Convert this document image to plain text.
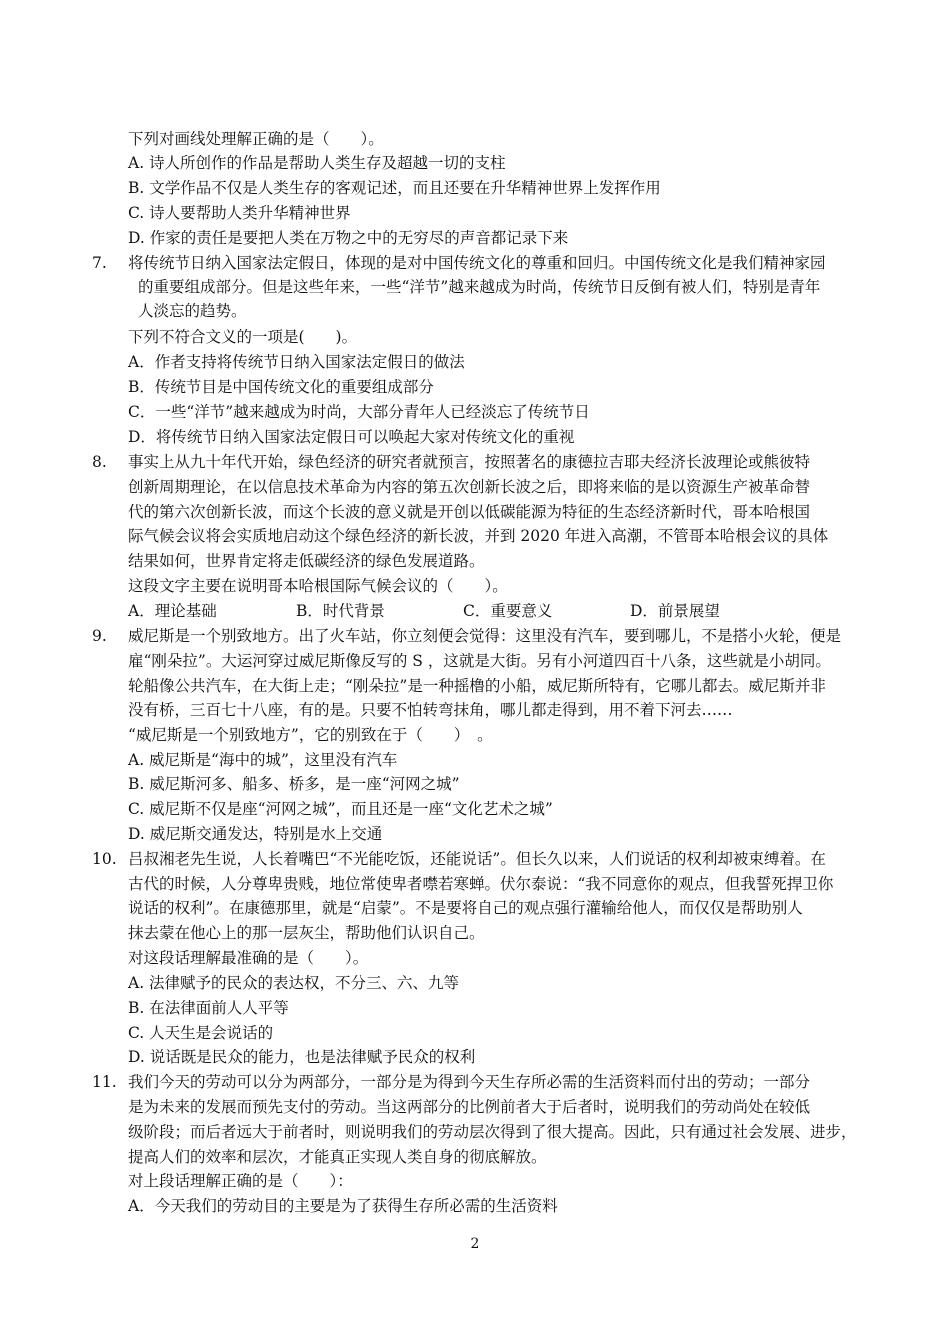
下列对画线处理解正确的是（　　）。
A. 诗人所创作的作品是帮助人类生存及超越一切的支柱
B. 文学作品不仅是人类生存的客观记述，而且还要在升华精神世界上发挥作用
C. 诗人要帮助人类升华精神世界
D. 作家的责任是要把人类在万物之中的无穷尽的声音都记录下来
7. 将传统节日纳入国家法定假日，体现的是对中国传统文化的尊重和回归。中国传统文化是我们精神家园
的重要组成部分。但是这些年来，一些“洋节”越来越成为时尚，传统节日反倒有被人们，特别是青年
人淡忘的趋势。
下列不符合文义的一项是(　　)。
A．作者支持将传统节日纳入国家法定假日的做法
B．传统节目是中国传统文化的重要组成部分
C．一些“洋节”越来越成为时尚，大部分青年人已经淡忘了传统节日
D．将传统节日纳入国家法定假日可以唤起大家对传统文化的重视
8. 事实上从九十年代开始，绿色经济的研究者就预言，按照著名的康德拉吉耶夫经济长波理论或熊彼特
创新周期理论，在以信息技术革命为内容的第五次创新长波之后，即将来临的是以资源生产被革命替
代的第六次创新长波，而这个长波的意义就是开创以低碳能源为特征的生态经济新时代，哥本哈根国
际气候会议将会实质地启动这个绿色经济的新长波，并到 2020 年进入高潮，不管哥本哈根会议的具体
结果如何，世界肯定将走低碳经济的绿色发展道路。
这段文字主要在说明哥本哈根国际气候会议的（　　）。
A．理论基础	B．时代背景	C．重要意义	D．前景展望
9. 威尼斯是一个别致地方。出了火车站，你立刻便会觉得：这里没有汽车，要到哪儿，不是搭小火轮，便是
雇“刚朵拉”。大运河穿过威尼斯像反写的 S ，这就是大街。另有小河道四百十八条，这些就是小胡同。
轮船像公共汽车，在大街上走；“刚朵拉”是一种摇橹的小船，威尼斯所特有，它哪儿都去。威尼斯并非
没有桥，三百七十八座，有的是。只要不怕转弯抹角，哪儿都走得到，用不着下河去……
“威尼斯是一个别致地方”，它的别致在于（　　）　。
A. 威尼斯是“海中的城”，这里没有汽车
B. 威尼斯河多、船多、桥多，是一座“河网之城”
C. 威尼斯不仅是座“河网之城”，而且还是一座“文化艺术之城”
D. 威尼斯交通发达，特别是水上交通
10. 吕叔湘老先生说，人长着嘴巴“不光能吃饭，还能说话”。但长久以来，人们说话的权利却被束缚着。在
古代的时候，人分尊卑贵贱，地位常使卑者噤若寒蝉。伏尔泰说：“我不同意你的观点，但我誓死捍卫你
说话的权利”。在康德那里，就是“启蒙”。不是要将自己的观点强行灌输给他人，而仅仅是帮助别人
抹去蒙在他心上的那一层灰尘，帮助他们认识自己。
对这段话理解最准确的是（　　）。
A. 法律赋予的民众的表达权，不分三、六、九等
B. 在法律面前人人平等
C. 人天生是会说话的
D. 说话既是民众的能力，也是法律赋予民众的权利
11. 我们今天的劳动可以分为两部分，一部分是为得到今天生存所必需的生活资料而付出的劳动；一部分
是为未来的发展而预先支付的劳动。当这两部分的比例前者大于后者时，说明我们的劳动尚处在较低
级阶段；而后者远大于前者时，则说明我们的劳动层次得到了很大提高。因此，只有通过社会发展、进步，
提高人们的效率和层次，才能真正实现人类自身的彻底解放。
对上段话理解正确的是（　　）：
A．今天我们的劳动目的主要是为了获得生存所必需的生活资料
2
